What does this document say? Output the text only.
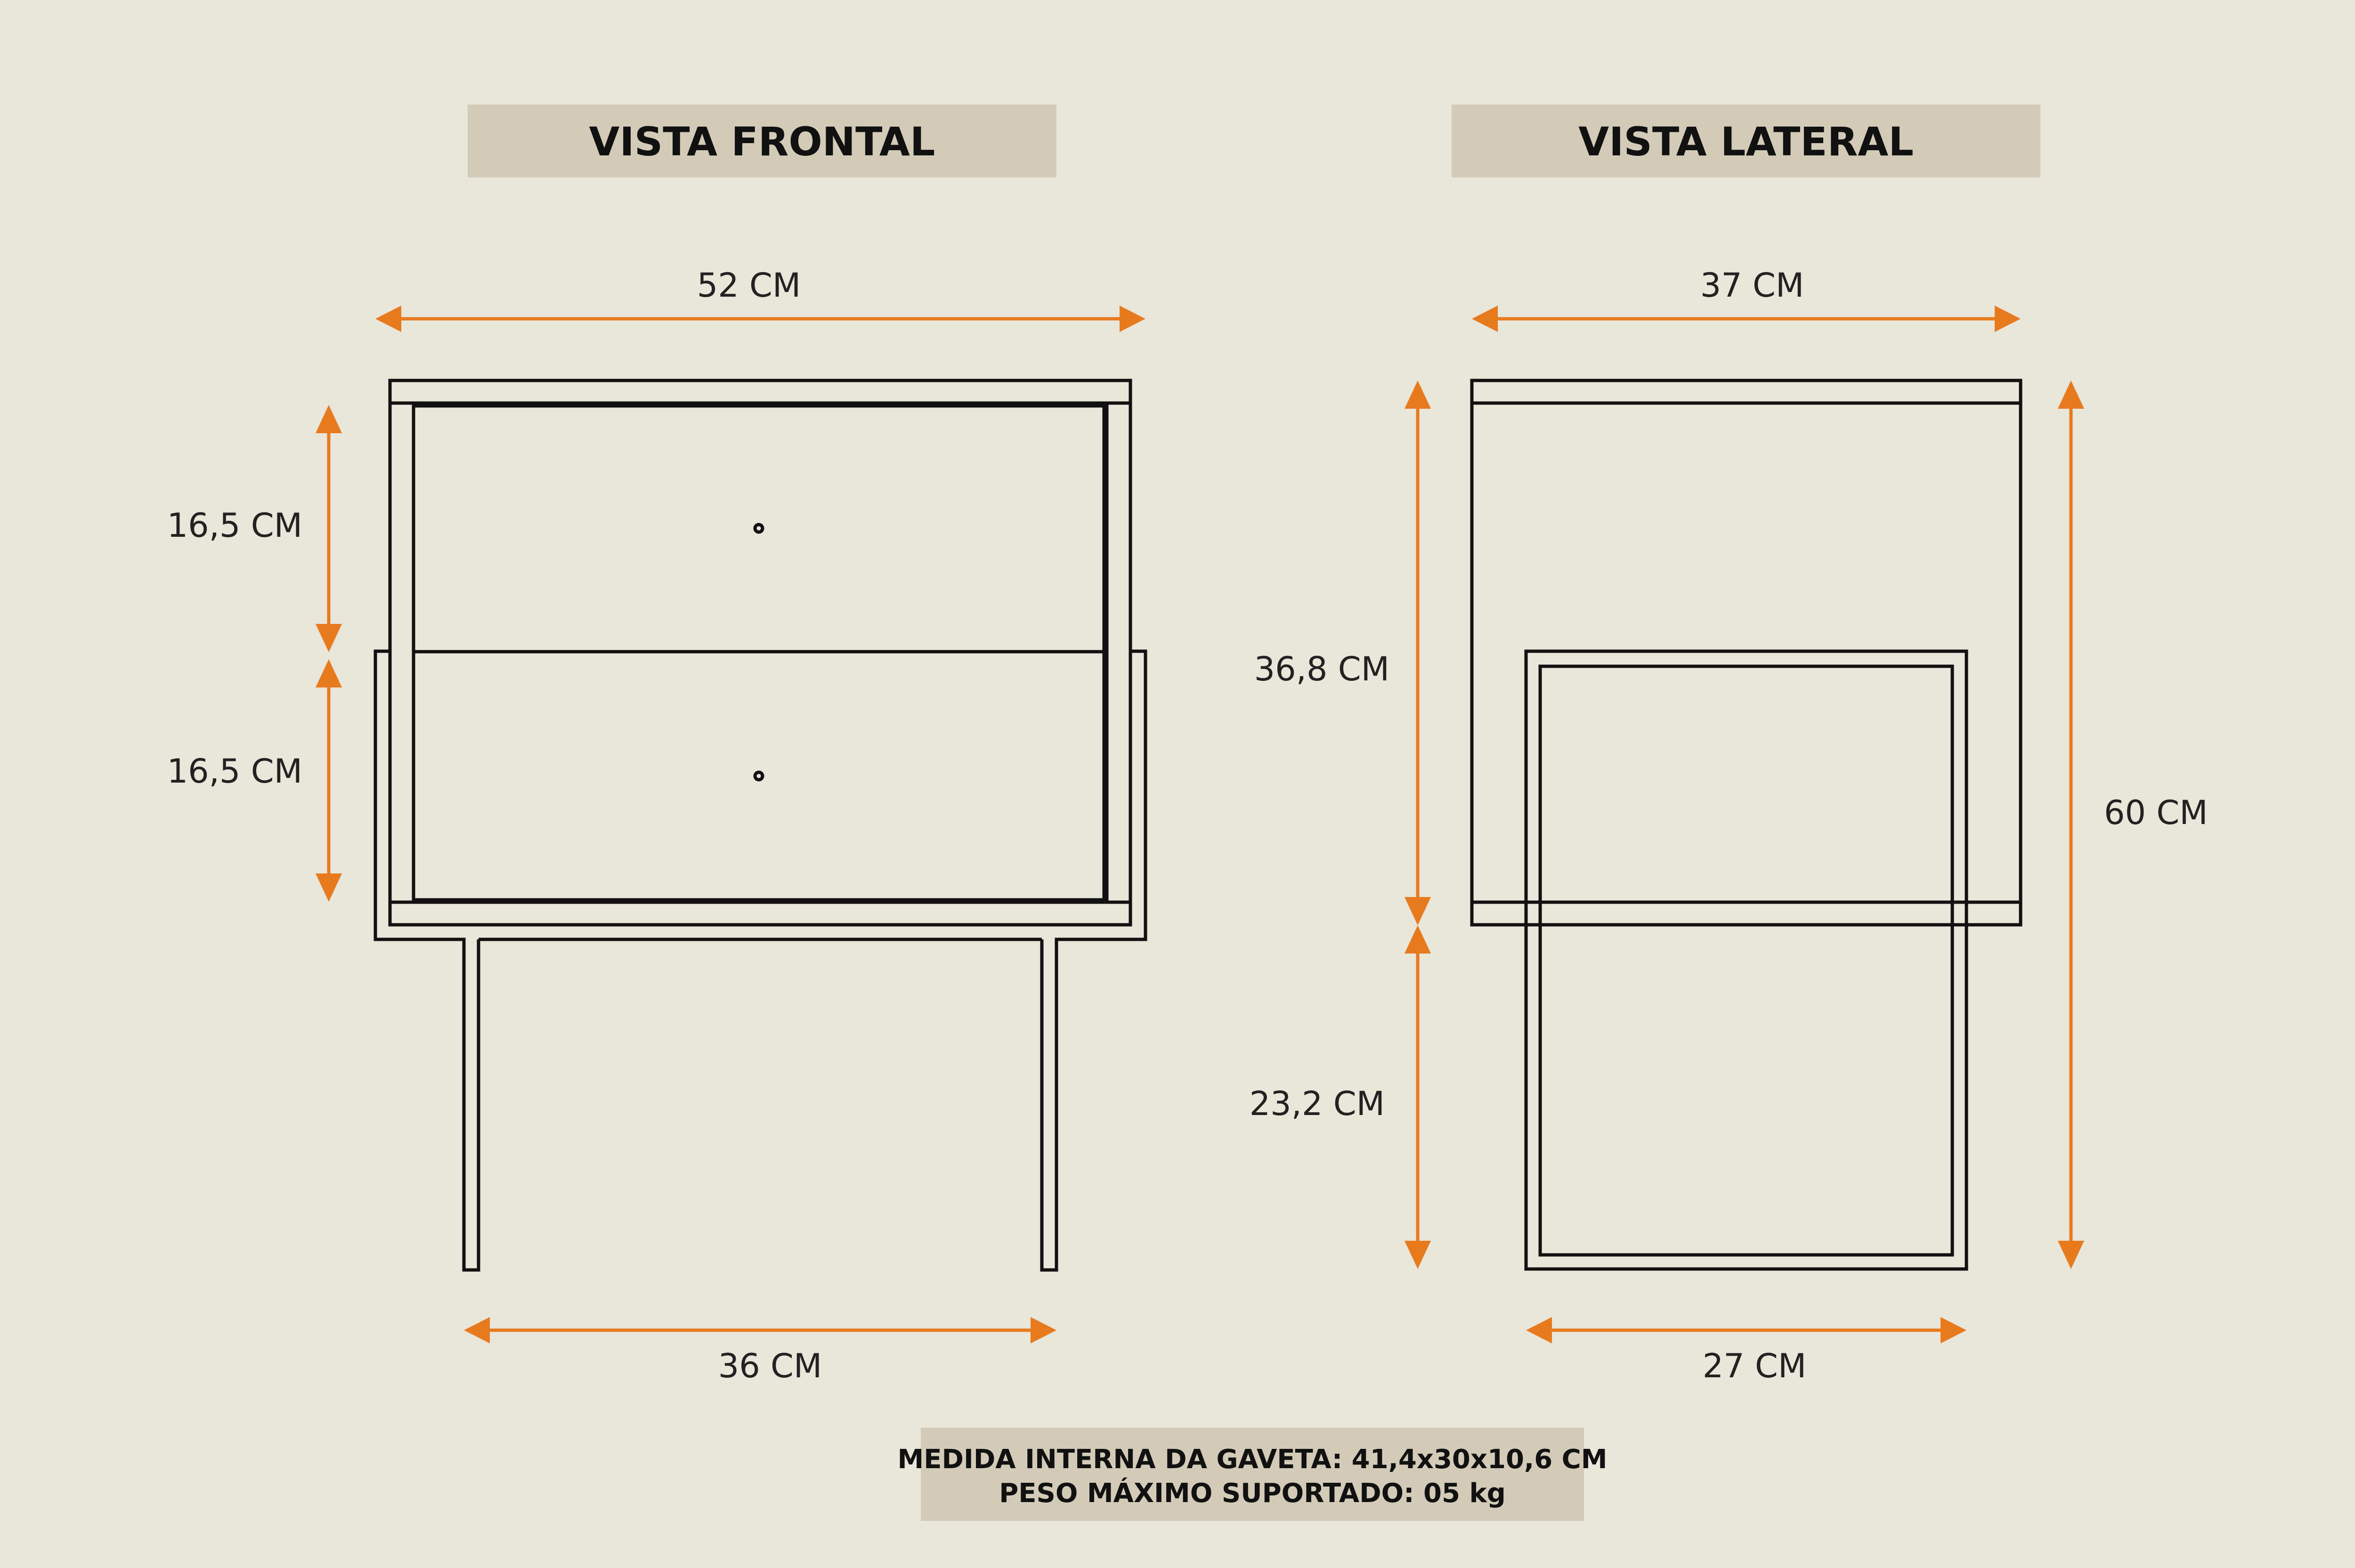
VISTA FRONTAL	VISTA LATERAL
52 CM
16,5 CM
16,5 CM
36 CM
37 CM
36,8 CM
23,2 CM
60 CM
27 CM
MEDIDA INTERNA DA GAVETA: 41,4x30x10,6 CM
PESO MÁXIMO SUPORTADO: 05 kg
